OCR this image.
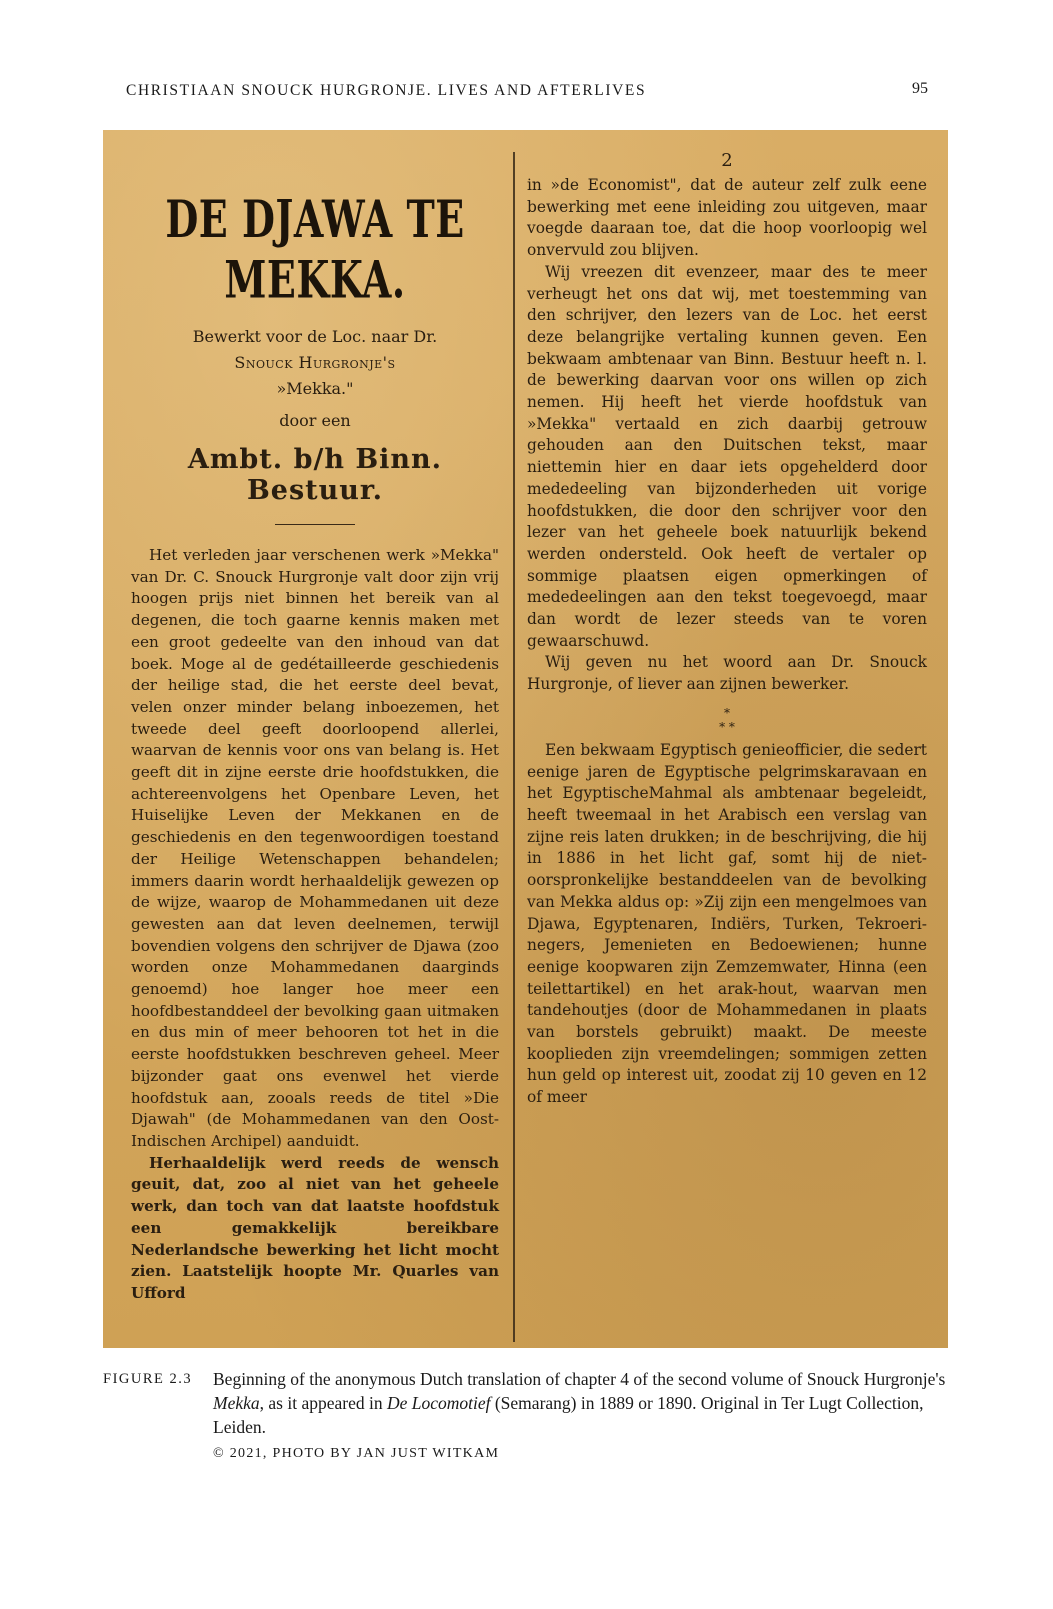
CHRISTIAAN SNOUCK HURGRONJE. LIVES AND AFTERLIVES	95
DE DJAWA TE MEKKA.
Bewerkt voor de Loc. naar Dr.
Snouck Hurgronje's
»Mekka."
door een
Ambt. b/h Binn. Bestuur.

Het verleden jaar verschenen werk »Mekka" van Dr. C. Snouck Hurgronje valt door zijn vrij hoogen prijs niet binnen het bereik van al degenen, die toch gaarne kennis maken met een groot gedeelte van den inhoud van dat boek. Moge al de gedétailleerde geschiedenis der heilige stad, die het eerste deel bevat, velen onzer minder belang inboezemen, het tweede deel geeft doorloopend allerlei, waarvan de kennis voor ons van belang is. Het geeft dit in zijne eerste drie hoofdstukken, die achtereenvolgens het Openbare Leven, het Huiselijke Leven der Mekkanen en de geschiedenis en den tegenwoordigen toestand der Heilige Wetenschappen behandelen; immers daarin wordt herhaaldelijk gewezen op de wijze, waarop de Mohammedanen uit deze gewesten aan dat leven deelnemen, terwijl bovendien volgens den schrijver de Djawa (zoo worden onze Mohammedanen daarginds genoemd) hoe langer hoe meer een hoofdbestanddeel der bevolking gaan uitmaken en dus min of meer behooren tot het in die eerste hoofdstukken beschreven geheel. Meer bijzonder gaat ons evenwel het vierde hoofdstuk aan, zooals reeds de titel »Die Djawah" (de Mohammedanen van den Oost-Indischen Archipel) aanduidt.

Herhaaldelijk werd reeds de wensch geuit, dat, zoo al niet van het geheele werk, dan toch van dat laatste hoofdstuk een gemakkelijk bereikbare Nederlandsche bewerking het licht mocht zien. Laatstelijk hoopte Mr. Quarles van Ufford

2

in »de Economist", dat de auteur zelf zulk eene bewerking met eene inleiding zou uitgeven, maar voegde daaraan toe, dat die hoop voorloopig wel onvervuld zou blijven.

Wij vreezen dit evenzeer, maar des te meer verheugt het ons dat wij, met toestemming van den schrijver, den lezers van de Loc. het eerst deze belangrijke vertaling kunnen geven. Een bekwaam ambtenaar van Binn. Bestuur heeft n. l. de bewerking daarvan voor ons willen op zich nemen. Hij heeft het vierde hoofdstuk van »Mekka" vertaald en zich daarbij getrouw gehouden aan den Duitschen tekst, maar niettemin hier en daar iets opgehelderd door mededeeling van bijzonderheden uit vorige hoofdstukken, die door den schrijver voor den lezer van het geheele boek natuurlijk bekend werden ondersteld. Ook heeft de vertaler op sommige plaatsen eigen opmerkingen of mededeelingen aan den tekst toegevoegd, maar dan wordt de lezer steeds van te voren gewaarschuwd.

Wij geven nu het woord aan Dr. Snouck Hurgronje, of liever aan zijnen bewerker.

*
* *

Een bekwaam Egyptisch genieofficier, die sedert eenige jaren de Egyptische pelgrimskaravaan en het EgyptischeMahmal als ambtenaar begeleidt, heeft tweemaal in het Arabisch een verslag van zijne reis laten drukken; in de beschrijving, die hij in 1886 in het licht gaf, somt hij de niet-oorspronkelijke bestanddeelen van de bevolking van Mekka aldus op: »Zij zijn een mengelmoes van Djawa, Egyptenaren, Indiërs, Turken, Tekroeri-negers, Jemenieten en Bedoewienen; hunne eenige koopwaren zijn Zemzemwater, Hinna (een teilettartikel) en het arak-hout, waarvan men tandehoutjes (door de Mohammedanen in plaats van borstels gebruikt) maakt. De meeste kooplieden zijn vreemdelingen; sommigen zetten hun geld op interest uit, zoodat zij 10 geven en 12 of meer

FIGURE 2.3 Beginning of the anonymous Dutch translation of chapter 4 of the second volume of Snouck Hurgronje's Mekka, as it appeared in De Locomotief (Semarang) in 1889 or 1890. Original in Ter Lugt Collection, Leiden.
© 2021, PHOTO BY JAN JUST WITKAM
